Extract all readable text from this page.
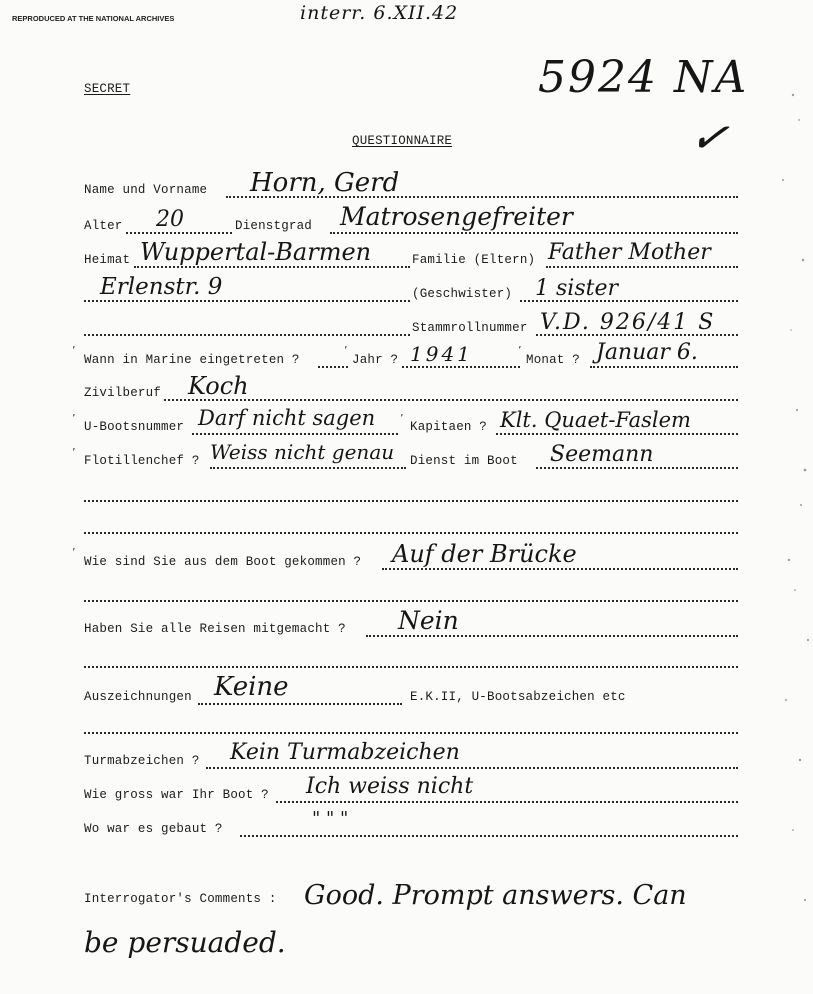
REPRODUCED AT THE NATIONAL ARCHIVES	interr. 6.XII.42
5924 NA
✓
SECRET
QUESTIONNAIRE
Name und Vorname Horn, Gerd
Alter 20	Dienstgrad Matrosengefreiter
Heimat Wuppertal-Barmen	Familie (Eltern) Father Mother
Erlenstr. 9	(Geschwister) 1 sister
Stammrollnummer V.D. 926/41 S
ʼ
Wann in Marine eingetreten ?
ʼ
Jahr ? 1941	ʼ
Monat ? Januar 6.
Zivilberuf Koch
ʼ
U-Bootsnummer Darf nicht sagen ʼ
Kapitaen ? Klt. Quaet-Faslem
ʼ
Flotillenchef ? Weiss nicht genau Dienst im Boot Seemann
ʼ
Wie sind Sie aus dem Boot gekommen ? Auf der Brücke
Haben Sie alle Reisen mitgemacht ? Nein
Auszeichnungen Keine	E.K.II, U-Bootsabzeichen etc
Turmabzeichen ? Kein Turmabzeichen
Wie gross war Ihr Boot ? Ich weiss nicht
Wo war es gebaut ?	" " "
Interrogator's Comments : Good. Prompt answers. Can
be persuaded.
